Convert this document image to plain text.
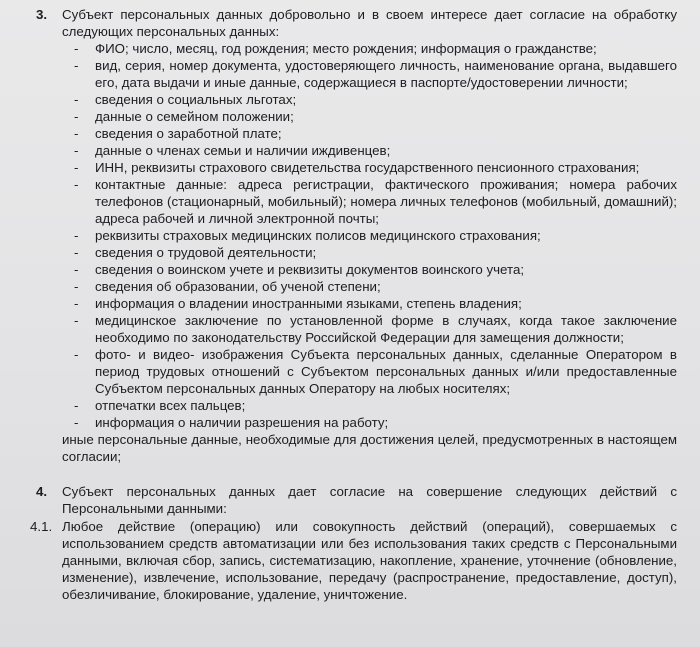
3. Субъект персональных данных добровольно и в своем интересе дает согласие на обработку следующих персональных данных:

- ФИО; число, месяц, год рождения; место рождения; информация о гражданстве;
- вид, серия, номер документа, удостоверяющего личность, наименование органа, выдавшего его, дата выдачи и иные данные, содержащиеся в паспорте/удостоверении личности;
- сведения о социальных льготах;
- данные о семейном положении;
- сведения о заработной плате;
- данные о членах семьи и наличии иждивенцев;
- ИНН, реквизиты страхового свидетельства государственного пенсионного страхования;
- контактные данные: адреса регистрации, фактического проживания; номера рабочих телефонов (стационарный, мобильный); номера личных телефонов (мобильный, домашний); адреса рабочей и личной электронной почты;
- реквизиты страховых медицинских полисов медицинского страхования;
- сведения о трудовой деятельности;
- сведения о воинском учете и реквизиты документов воинского учета;
- сведения об образовании, об ученой степени;
- информация о владении иностранными языками, степень владения;
- медицинское заключение по установленной форме в случаях, когда такое заключение необходимо по законодательству Российской Федерации для замещения должности;
- фото- и видео- изображения Субъекта персональных данных, сделанные Оператором в период трудовых отношений с Субъектом персональных данных и/или предоставленные Субъектом персональных данных Оператору на любых носителях;
- отпечатки всех пальцев;
- информация о наличии разрешения на работу;

иные персональные данные, необходимые для достижения целей, предусмотренных в настоящем согласии;

4. Субъект персональных данных дает согласие на совершение следующих действий с Персональными данными:

4.1. Любое действие (операцию) или совокупность действий (операций), совершаемых с использованием средств автоматизации или без использования таких средств с Персональными данными, включая сбор, запись, систематизацию, накопление, хранение, уточнение (обновление, изменение), извлечение, использование, передачу (распространение, предоставление, доступ), обезличивание, блокирование, удаление, уничтожение.
